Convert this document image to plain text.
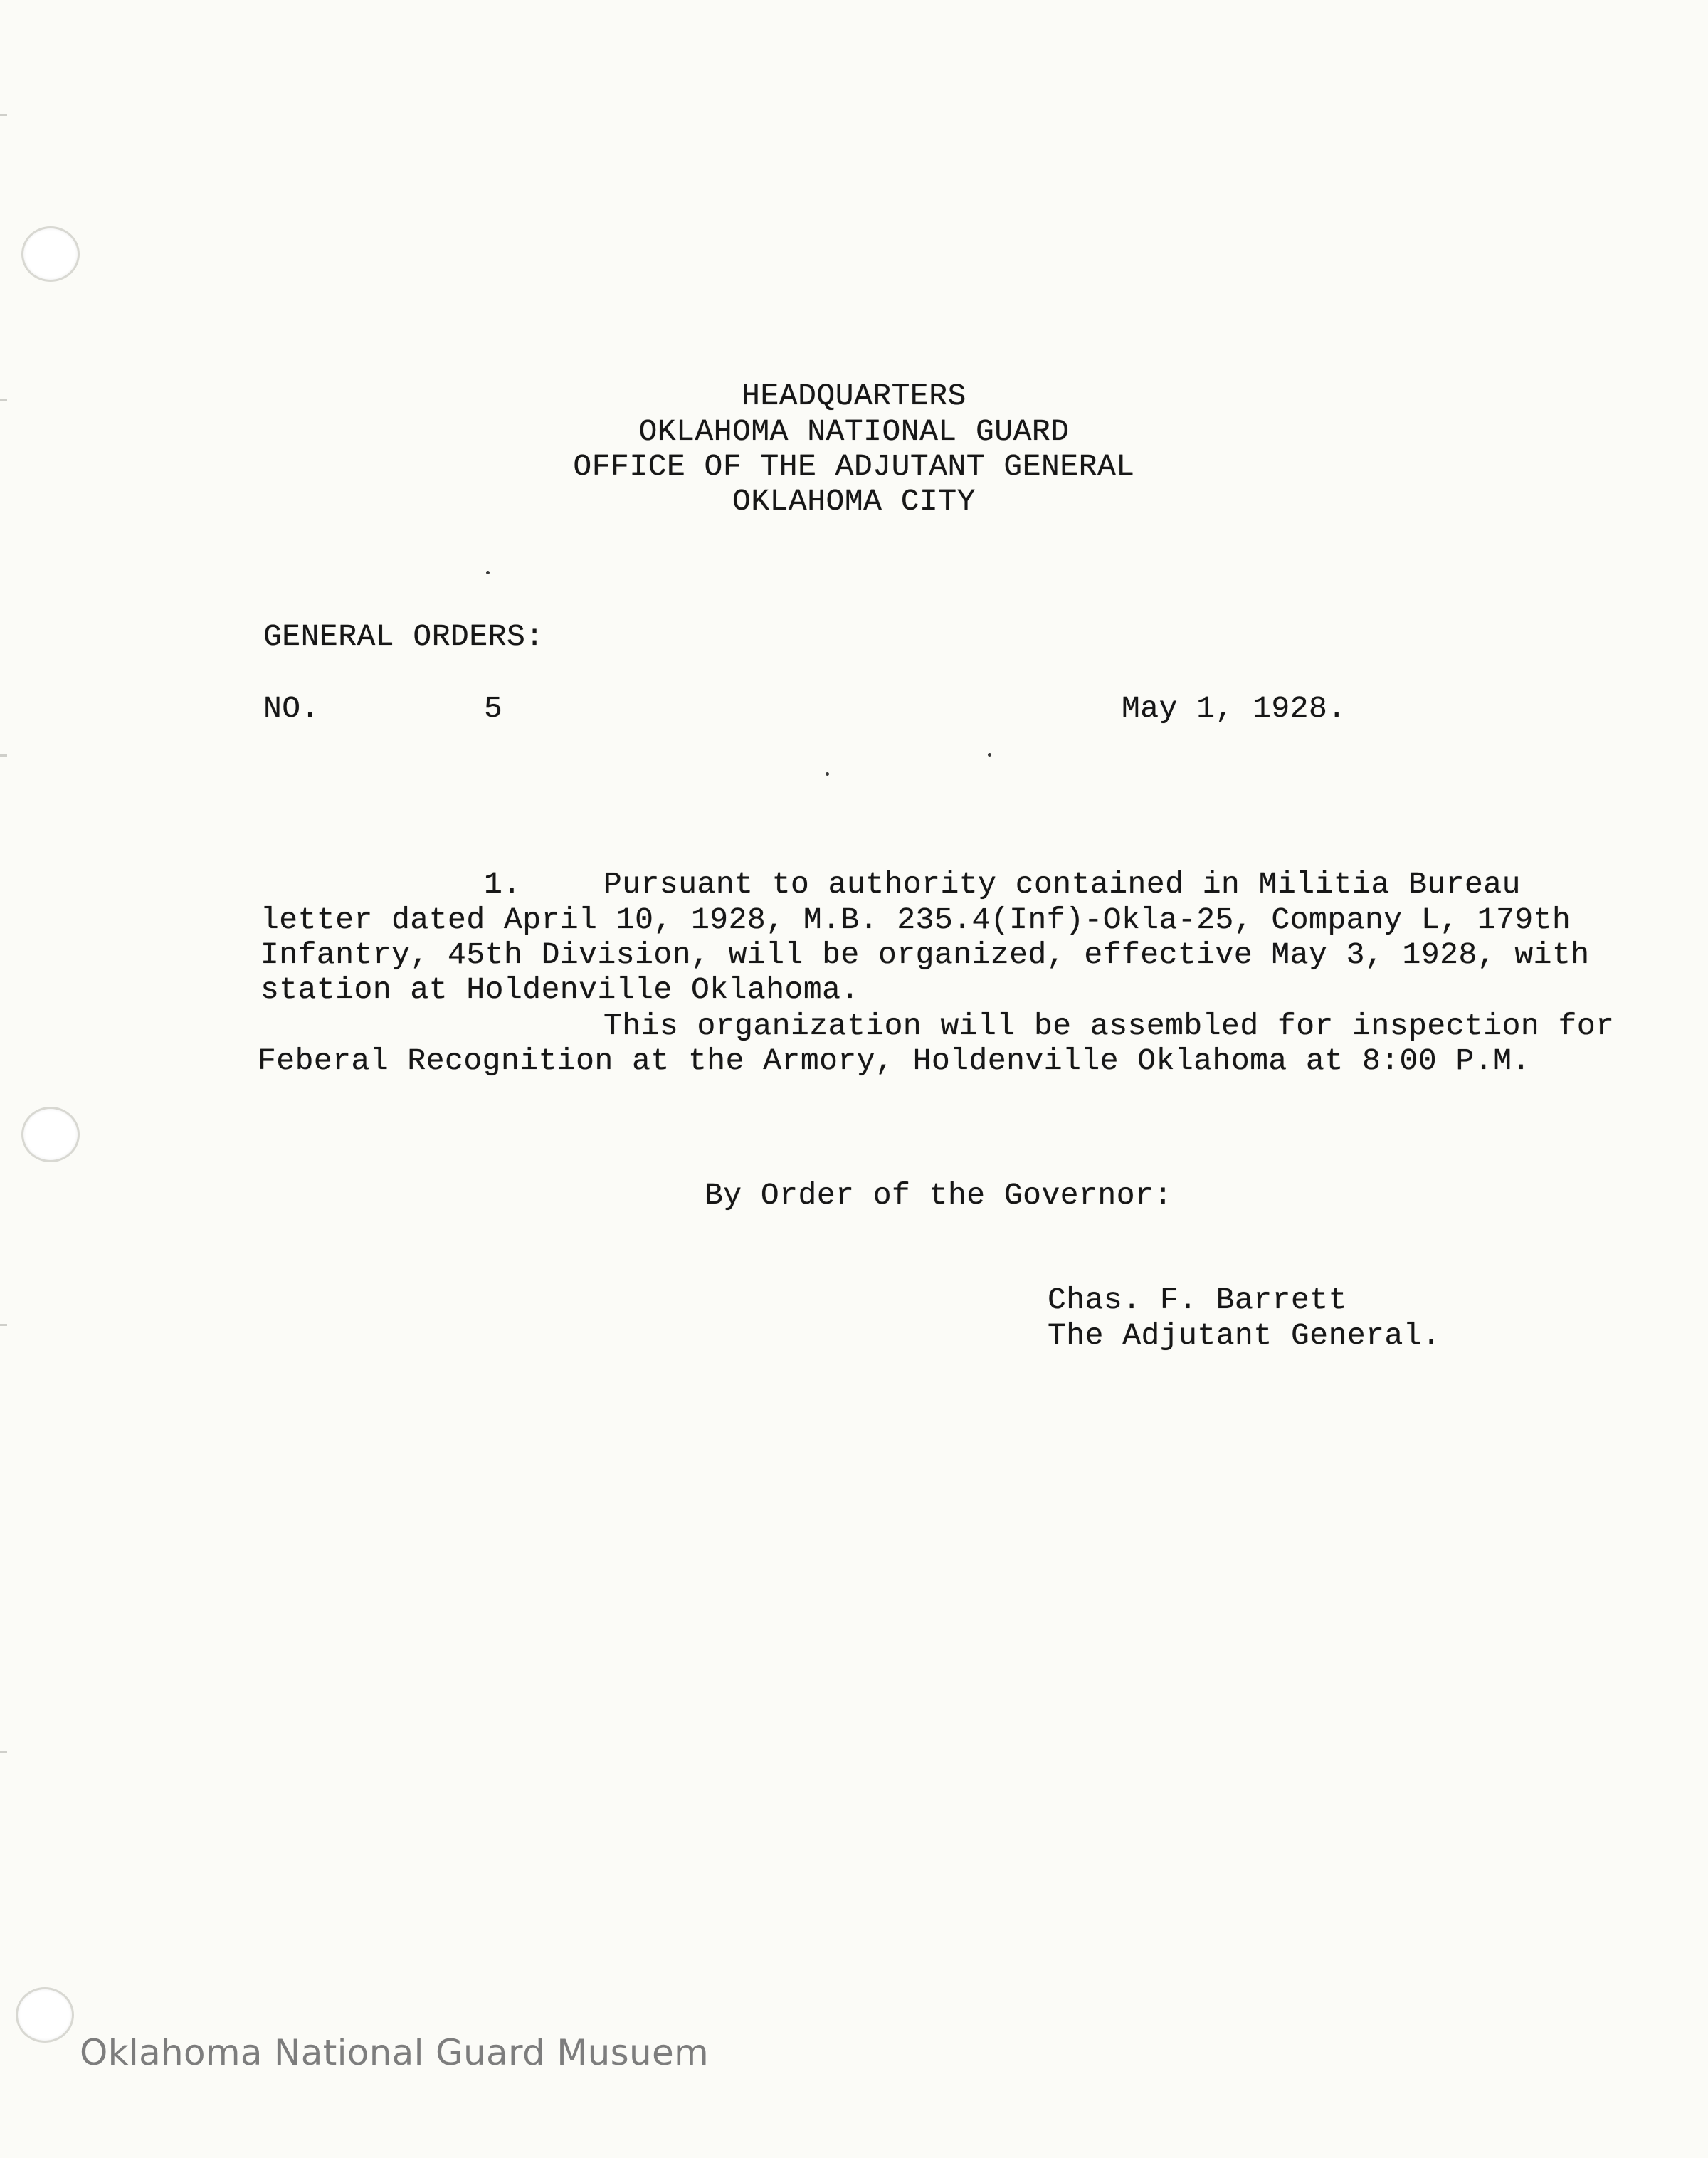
HEADQUARTERS
OKLAHOMA NATIONAL GUARD
OFFICE OF THE ADJUTANT GENERAL
OKLAHOMA CITY
GENERAL ORDERS:
NO.	5	May 1, 1928.
1.	Pursuant to authority contained in Militia Bureau
letter dated April 10, 1928, M.B. 235.4(Inf)-Okla-25, Company L, 179th
Infantry, 45th Division, will be organized, effective May 3, 1928, with
station at Holdenville Oklahoma.
This organization will be assembled for inspection for
Feberal Recognition at the Armory, Holdenville Oklahoma at 8:00 P.M.
By Order of the Governor:
Chas. F. Barrett
The Adjutant General.
Oklahoma National Guard Musuem
